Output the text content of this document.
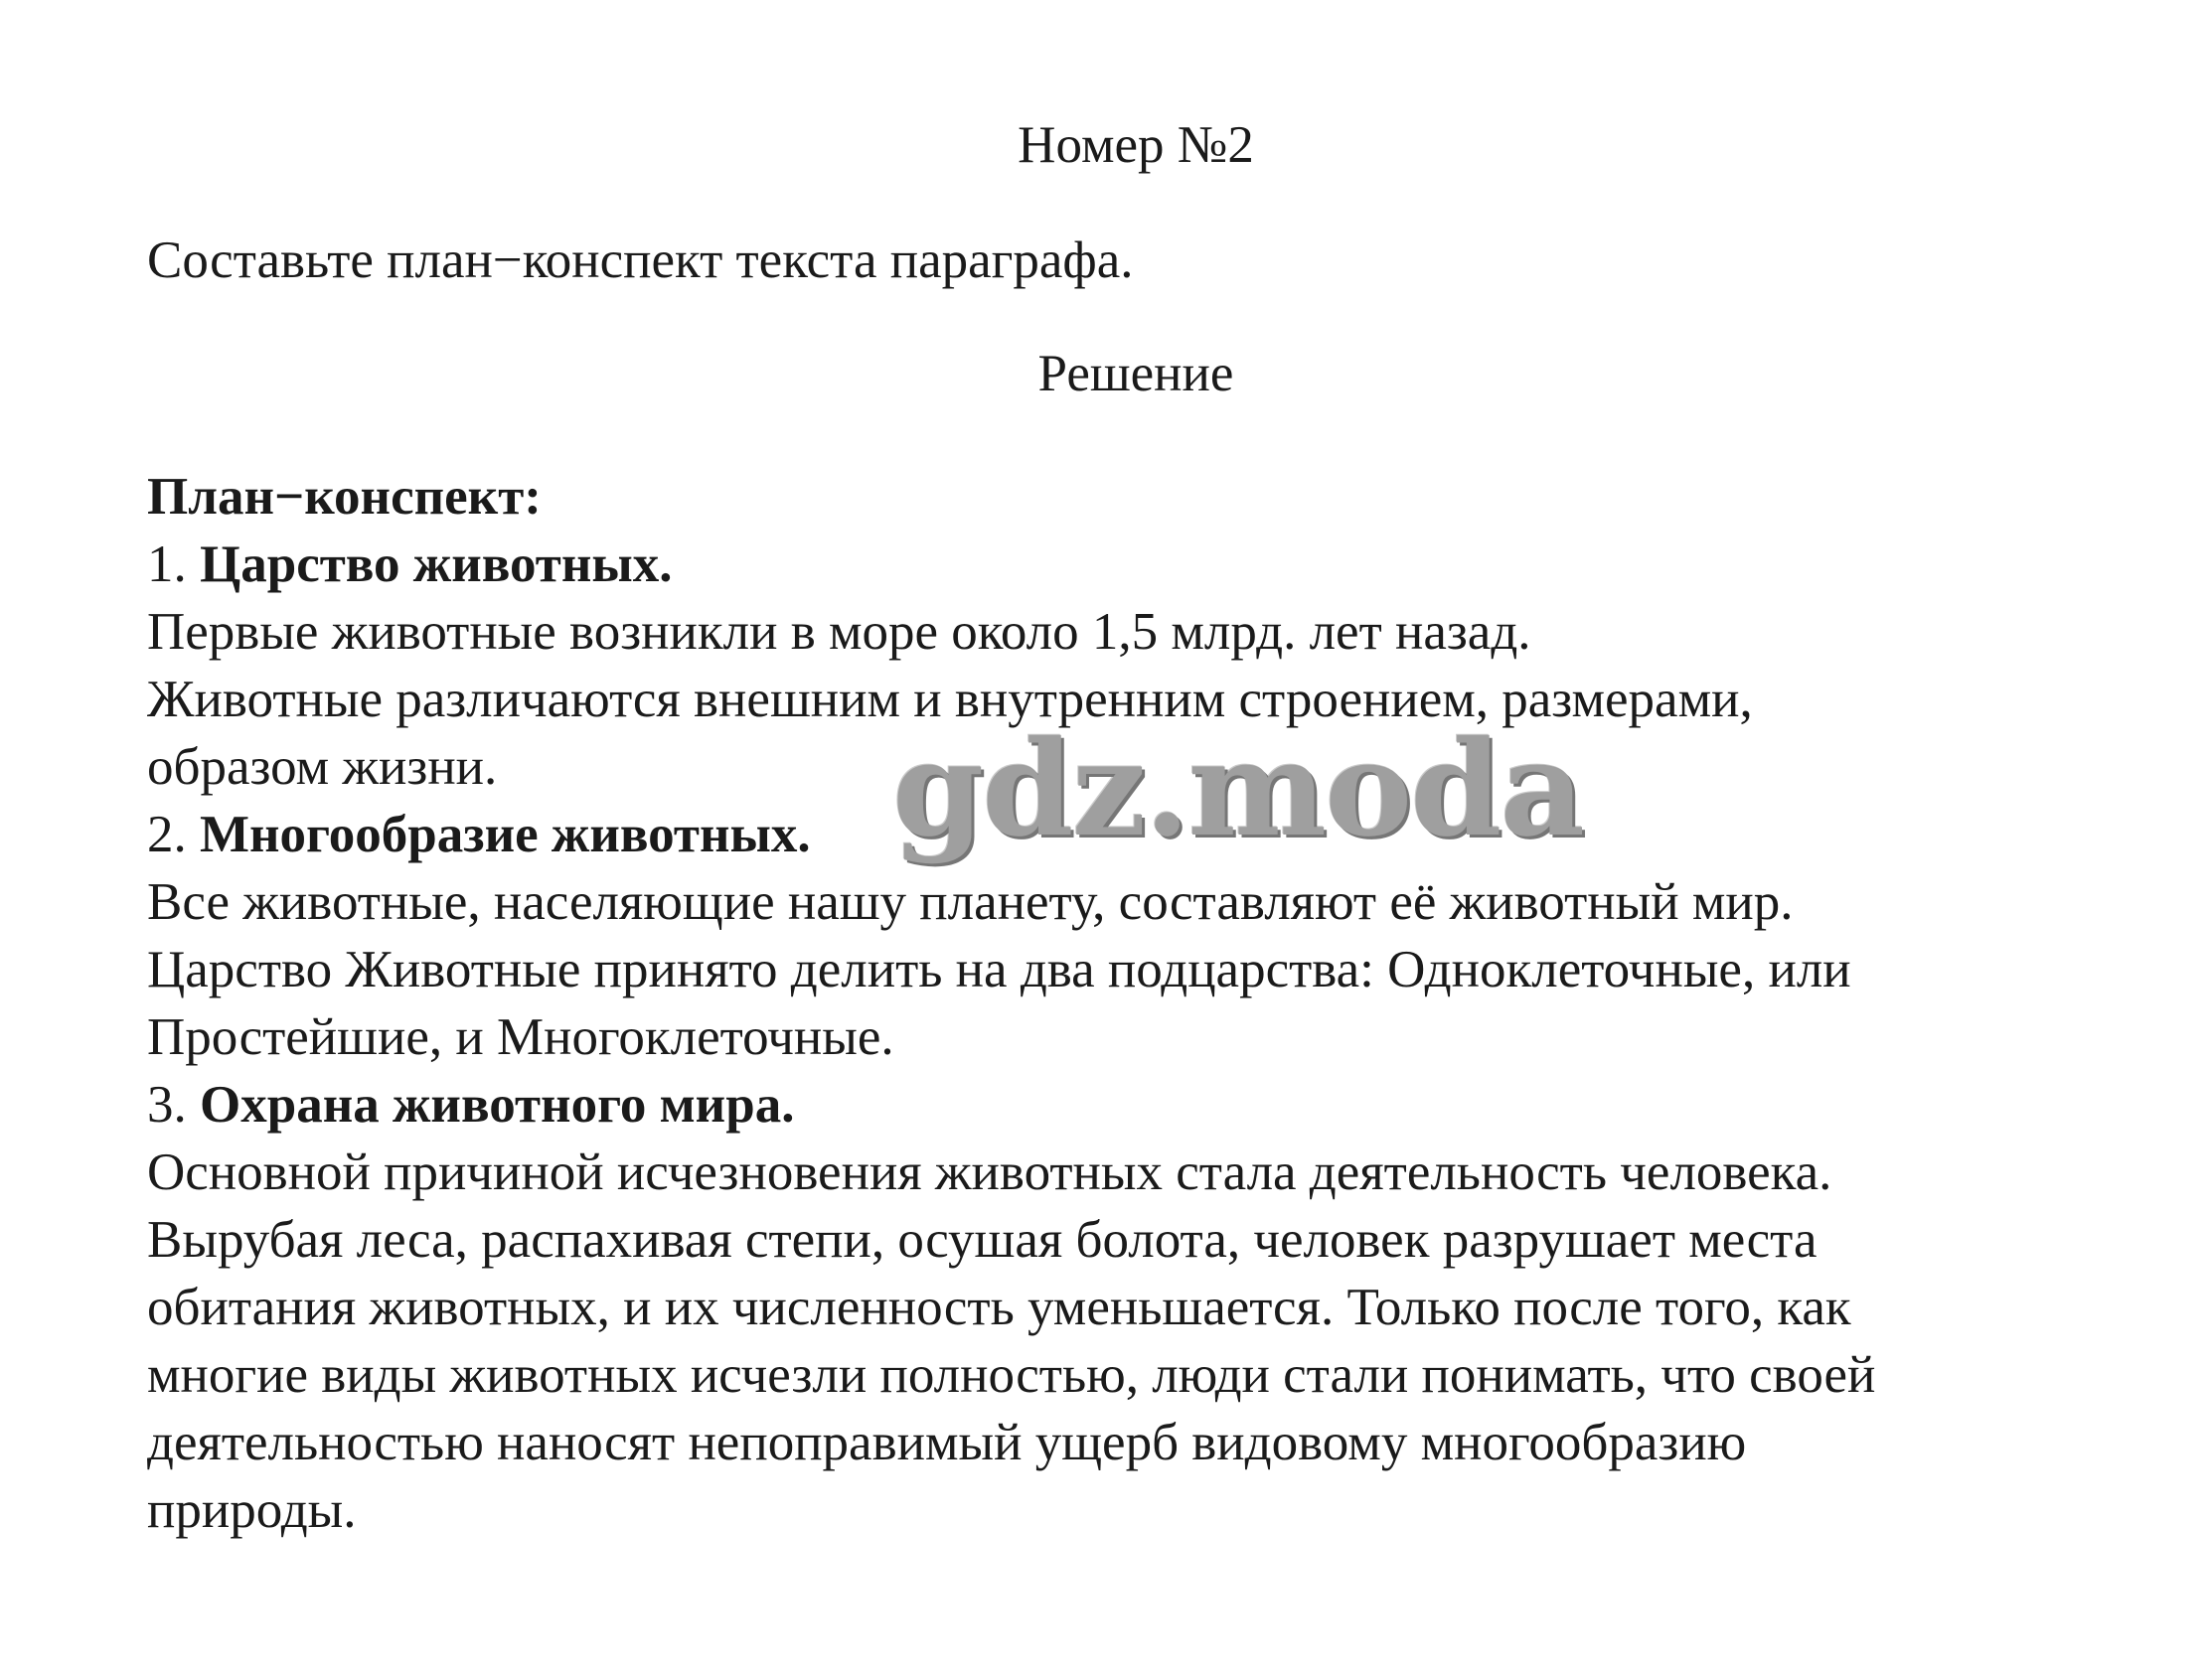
Номер №2
Составьте план−конспект текста параграфа.
Решение
План−конспект:
1. Царство животных.
Первые животные возникли в море около 1,5 млрд. лет назад.
Животные различаются внешним и внутренним строением, размерами,
образом жизни.
2. Многообразие животных.
Все животные, населяющие нашу планету, составляют её животный мир.
Царство Животные принято делить на два подцарства: Одноклеточные, или
Простейшие, и Многоклеточные.
3. Охрана животного мира.
Основной причиной исчезновения животных стала деятельность человека.
Вырубая леса, распахивая степи, осушая болота, человек разрушает места
обитания животных, и их численность уменьшается. Только после того, как
многие виды животных исчезли полностью, люди стали понимать, что своей
деятельностью наносят непоправимый ущерб видовому многообразию
природы.
gdz.moda
